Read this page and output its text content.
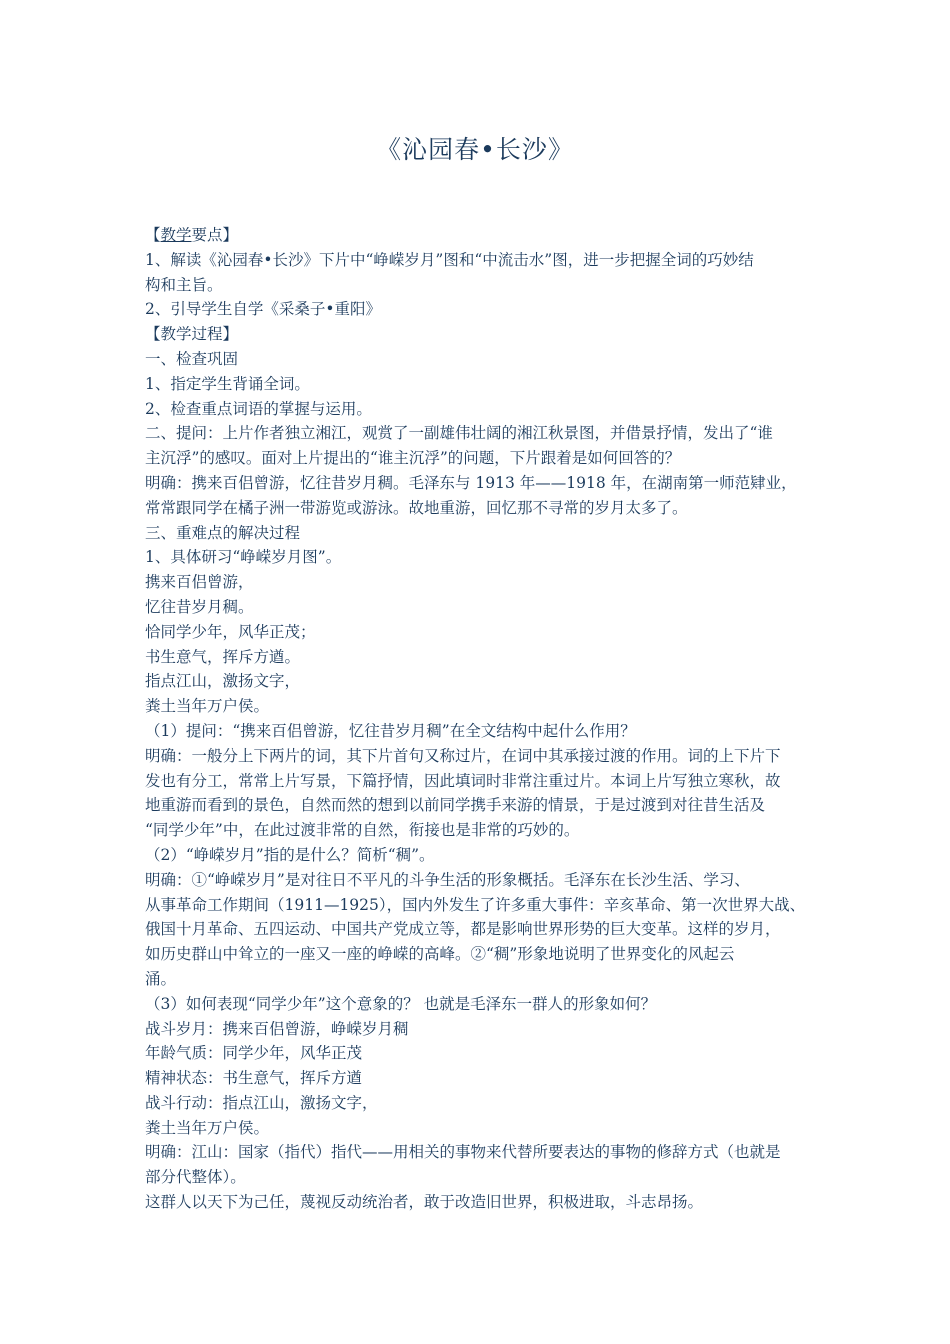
《沁园春•长沙》
【教学要点】
1、解读《沁园春•长沙》下片中“峥嵘岁月”图和“中流击水”图，进一步把握全词的巧妙结
构和主旨。
2、引导学生自学《采桑子•重阳》
【教学过程】
一、检查巩固
1、指定学生背诵全词。
2、检查重点词语的掌握与运用。
二、提问：上片作者独立湘江，观赏了一副雄伟壮阔的湘江秋景图，并借景抒情，发出了“谁
主沉浮”的感叹。面对上片提出的“谁主沉浮”的问题，下片跟着是如何回答的？
明确：携来百侣曾游，忆往昔岁月稠。毛泽东与 1913 年——1918 年，在湖南第一师范肄业，
常常跟同学在橘子洲一带游览或游泳。故地重游，回忆那不寻常的岁月太多了。
三、重难点的解决过程
1、具体研习“峥嵘岁月图”。
携来百侣曾游，
忆往昔岁月稠。
恰同学少年，风华正茂；
书生意气，挥斥方遒。
指点江山，激扬文字，
粪土当年万户侯。
（1）提问：“携来百侣曾游，忆往昔岁月稠”在全文结构中起什么作用？
明确：一般分上下两片的词，其下片首句又称过片，在词中其承接过渡的作用。词的上下片下
发也有分工，常常上片写景，下篇抒情，因此填词时非常注重过片。本词上片写独立寒秋，故
地重游而看到的景色，自然而然的想到以前同学携手来游的情景，于是过渡到对往昔生活及
“同学少年”中，在此过渡非常的自然，衔接也是非常的巧妙的。
（2）“峥嵘岁月”指的是什么？简析“稠”。
明确：①“峥嵘岁月”是对往日不平凡的斗争生活的形象概括。毛泽东在长沙生活、学习、
从事革命工作期间（1911—1925），国内外发生了许多重大事件：辛亥革命、第一次世界大战、
俄国十月革命、五四运动、中国共产党成立等，都是影响世界形势的巨大变革。这样的岁月，
如历史群山中耸立的一座又一座的峥嵘的高峰。②“稠”形象地说明了世界变化的风起云
涌。
（3）如何表现“同学少年”这个意象的？ 也就是毛泽东一群人的形象如何？
战斗岁月：携来百侣曾游，峥嵘岁月稠
年龄气质：同学少年，风华正茂
精神状态：书生意气，挥斥方遒
战斗行动：指点江山，激扬文字，
粪土当年万户侯。
明确：江山：国家（指代）指代——用相关的事物来代替所要表达的事物的修辞方式（也就是
部分代整体）。
这群人以天下为己任，蔑视反动统治者，敢于改造旧世界，积极进取，斗志昂扬。
